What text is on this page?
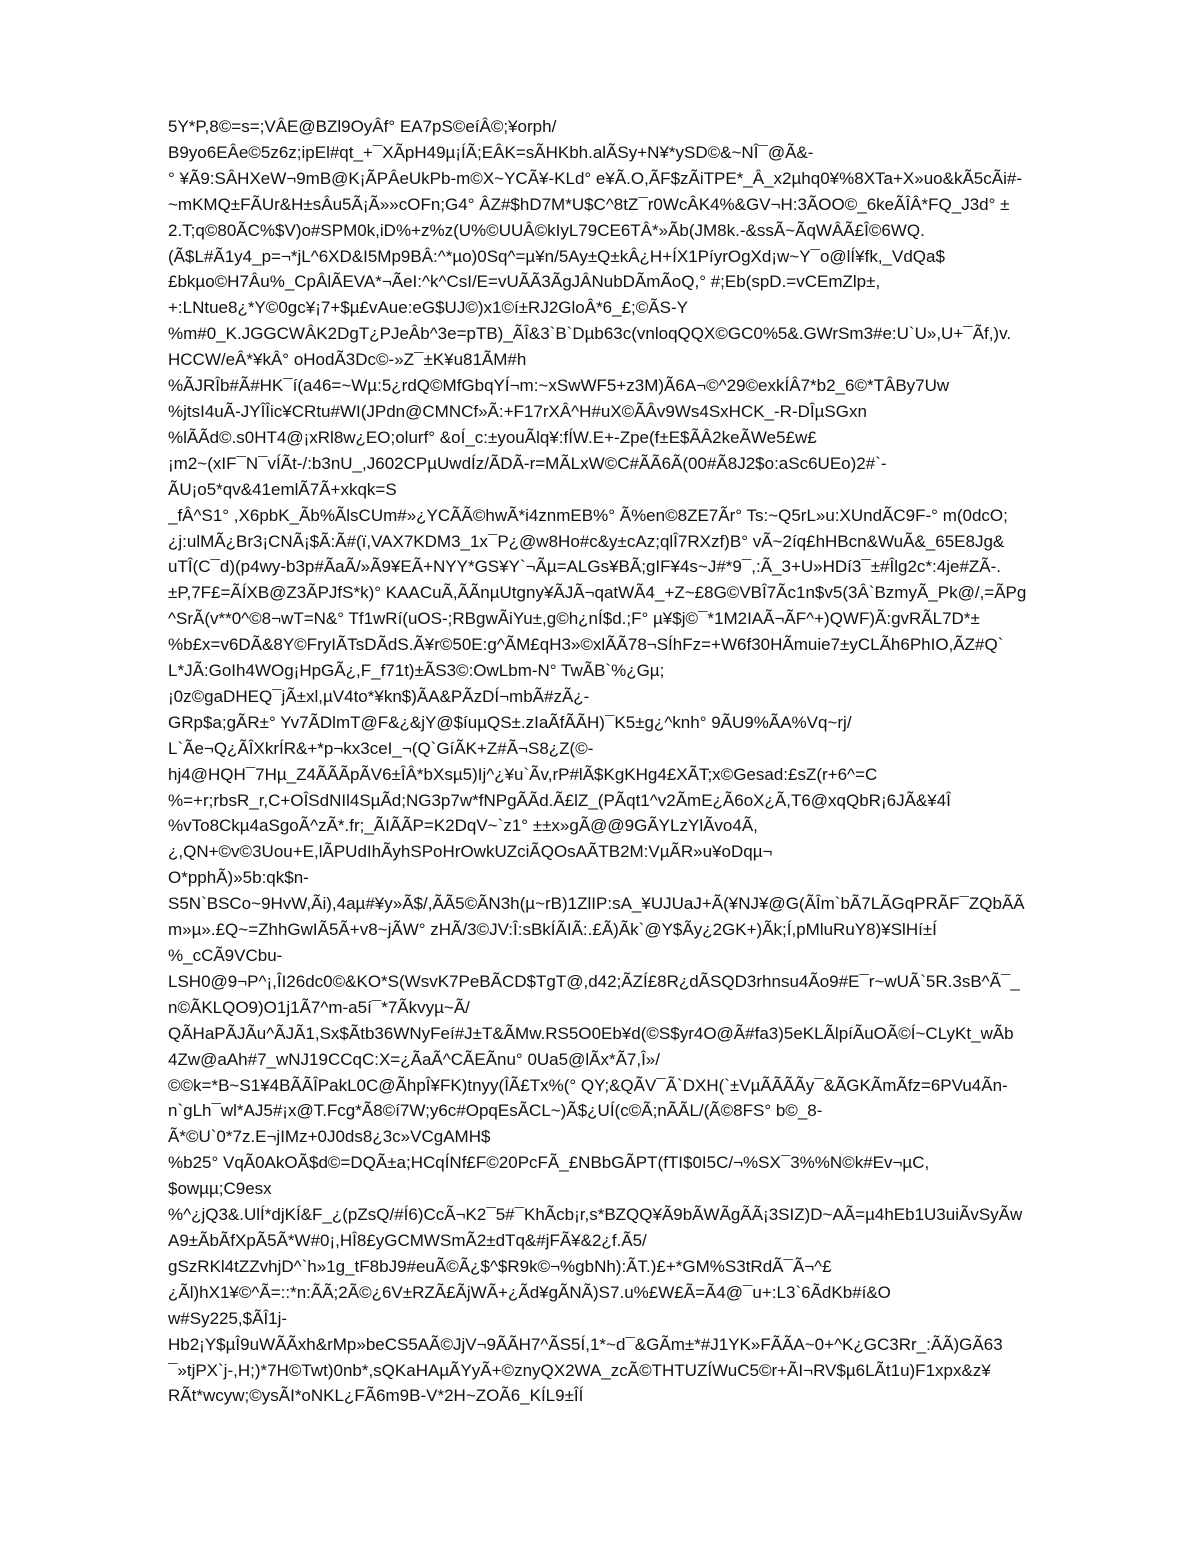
5Y*P,8©=s=;VÂE@BZl9OyÂf° EA7pS©eíÂ©;¥orph/
B9yo6EÂe©5z6z;ipEl#qt_+¯XÃpH49µ¡ÍÃ;EÂK=sÃHKbh.alÃSy+N¥*ySD©&~NÎ¯@Ã&-
° ¥Ã9:SÂHXeW¬9mB@K¡ÃPÂeUkPb-m©X~YCÃ¥-KLd° e¥Ã.O,ÃF$zÃiTPE*_Â_x2µhq0¥%8XTa+X»uo&kÃ5cÃi#-
~mKMQ±FÃUr&H±sÂu5Ã¡Ã»»cOFn;G4° ÂZ#$hD7M*U$C^8tZ¯r0WcÂK4%&GV¬H:3ÃOO©_6keÃÎÂ*FQ_J3d° ±
2.T;q©80ÃC%$V)o#SPM0k,iD%+z%z(U%©UUÂ©kIyL79CE6TÂ*»Ãb(JM8k.-&ssÃ~ÃqWÂÃ£Î©6WQ.
(Ã$L#Ã1y4_p=¬*jL^6XD&I5Mp9BÂ:^*µo)0Sq^=µ¥n/5Ay±Q±kÂ¿H+ÍX1PíyrOgXd¡w~Y¯o@lÍ¥fk,_VdQa$
£bkµo©H7Âu%_CpÂlÃEVA*¬ÃeI:^k^CsI/E=vUÃÃ3ÃgJÂNubDÃmÃoQ,° #;Eb(spD.=vCEmZlp±,
+:LNtue8¿*Y©0gc¥¡7+$µ£vAue:eG$UJ©)x1©í±RJ2GloÂ*6_£;©ÃS-Y
%m#0_K.JGGCWÂK2DgT¿PJeÂb^3e=pTB)_ÃÎ&3`B`Dµb63c(vnloqQQX©GC0%5&.GWrSm3#e:U`U»,U+¯Ãf,)v.
HCCW/eÂ*¥kÂ° oHodÃ3Dc©-»Z¯±K¥u81ÃM#h
%ÃJRÎb#Ã#HK¯í(a46=~Wµ:5¿rdQ©MfGbqYÍ¬m:~xSwWF5+z3M)Ã6A¬©^29©exkÍÂ7*b2_6©*TÂBy7Uw
%jtsI4uÃ-JYÎÎic¥CRtu#WI(JPdn@CMNCf»Ã:+F17rXÂ^H#uX©ÃÂv9Ws4SxHCK_-R-DÎµSGxn
%lÃÃd©.s0HT4@¡xRl8w¿EO;olurf° &oÍ_c:±youÃlq¥:fÍW.E+-Zpe(f±E$ÃÂ2keÃWe5£w£
¡m2~(xIF¯N¯vÍÃt-/:b3nU_,J602CPµUwdÍz/ÃDÃ-r=MÃLxW©C#ÃÃ6Ã(00#Ã8J2$o:aSc6UEo)2#`-
ÃU¡o5*qv&41emlÃ7Ã+xkqk=S
_fÂ^S1° ,X6pbK_Ãb%ÃlsCUm#»¿YCÃÃ©hwÃ*i4znmEB%° Ã%en©8ZE7Ãr° Ts:~Q5rL»u:XUndÃC9F-° m(0dcO;
¿j:ulMÃ¿Br3¡CNÃ¡$Ã:Ã#(ï,VAX7KDM3_1x¯P¿@w8Ho#c&y±cAz;qlÎ7RXzf)B° vÃ~2íq£hHBcn&WuÃ&_65E8Jg&
uTÎ(C¯d)(p4wy-b3p#ÃaÃ/»Ã9¥EÃ+NYY*GS¥Y`¬Ãµ=ALGs¥BÃ;gIF¥4s~J#*9¯,:Ã_3+U»HDí3¯±#Îlg2c*:4je#ZÃ-.
±P,7F£=ÃÍXB@Z3ÃPJfS*k)° KAACuÃ,ÃÃnµUtgny¥ÃJÃ¬qatWÃ4_+Z~£8G©VBÎ7Ãc1n$v5(3Â`BzmyÃ_Pk@/,=ÃPg
^SrÃ(v**0^©8¬wT=N&° Tf1wRí(uOS-;RBgwÃiYu±,g©h¿nÍ$d.;F° µ¥$j©¯*1M2IAÃ¬ÃF^+)QWF)Ã:gvRÃL7D*±
%b£x=v6DÃ&8Y©FryIÃTsDÃdS.Ã¥r©50E:g^ÃM£qH3»©xlÃÃ78¬SÍhFz=+W6f30HÃmuie7±yCLÃh6PhIO,ÃZ#Q`
L*JÃ:GoIh4WOg¡HpGÃ¿,F_f71t)±ÃS3©:OwLbm-N° TwÃB`%¿Gµ;
¡0z©gaDHEQ¯jÃ±xl,µV4to*¥kn$)ÃA&PÃzDÍ¬mbÃ#zÃ¿-
GRp$a;gÃR±° Yv7ÃDlmT@F&¿&jY@$íuµQS±.zIaÃfÃÃH)¯K5±g¿^knh° 9ÃU9%ÃA%Vq~rj/
L`Ãe¬Q¿ÃÎXkrÍR&+*p¬kx3ceI_¬(Q`GíÃK+Z#Ã¬S8¿Z(©-
hj4@HQH¯7Hµ_Z4ÃÃÃpÃV6±ÎÂ*bXsµ5)Ij^¿¥u`Ãv,rP#lÃ$KgKHg4£XÃT;x©Gesad:£sZ(r+6^=C
%=+r;rbsR_r,C+OÎSdNIl4SµÃd;NG3p7w*fNPgÃÃd.Ã£lZ_(PÃqt1^v2ÃmE¿Ã6oX¿Ã,T6@xqQbR¡6JÃ&¥4Î
%vTo8Ckµ4aSgoÃ^zÃ*.fr;_ÃIÃÃP=K2DqV~`z1° ±±x»gÃ@@9GÃYLzYlÃvo4Ã,
¿,QN+©v©3Uou+E,lÃPUdIhÃyhSPoHrOwkUZciÃQOsAÃTB2M:VµÃR»u¥oDqµ¬
O*pphÃ)»5b:qk$n-
S5N`BSCo~9HvW,Ãi),4aµ#¥y»Ã$/,ÃÃ5©ÃN3h(µ~rB)1ZlIP:sA_¥UJUaJ+Ã(¥NJ¥@G(ÃÎm`bÃ7LÃGqPRÃF¯ZQbÃÃ
m»µ».£Q~=ZhhGwIÃ5Ã+v8~jÃW° zHÃ/3©JV:Î:sBkÍÃIÃ:.£Ã)Ãk`@Y$Ãy¿2GK+)Ãk;Í,pMluRuY8)¥SlHí±Í
%_cCÃ9VCbu-
LSH0@9¬P^¡,ÎI26dc0©&KO*S(WsvK7PeBÃCD$TgT@,d42;ÃZÍ£8R¿dÃSQD3rhnsu4Ão9#E¯r~wUÃ`5R.3sB^Ã¯_
n©ÃKLQO9)O1j1Ã7^m-a5í¯*7Ãkvyµ~Ã/
QÃHaPÃJÃu^ÃJÃ1,Sx$Ãtb36WNyFeí#J±T&ÃMw.RS5O0Eb¥d(©S$yr4O@Ã#fa3)5eKLÃlpíÃuOÃ©Í~CLyKt_wÃb
4Zw@aAh#7_wNJ19CCqC:X=¿ÃaÃ^CÃEÃnu° 0Ua5@lÃx*Ã7,Î»/
©©k=*B~S1¥4BÃÃÎPakL0C@ÃhpÎ¥FK)tnyy(ÎÃ£Tx%(° QY;&QÃV¯Ã`DXH(`±VµÃÃÃÃy¯&ÃGKÃmÃfz=6PVu4Ãn-
n`gLh¯wl*AJ5#¡x@T.Fcg*Ã8©í7W;y6c#OpqEsÃCL~)Ã$¿UÍ(c©Ã;nÃÃL/(Ã©8FS° b©_8-
Ã*©U`0*7z.E¬jIMz+0J0ds8¿3c»VCgAMH$
%b25° VqÃ0AkOÃ$d©=DQÃ±a;HCqÍNf£F©20PcFÃ_£NBbGÃPT(fTI$0I5C/¬%SX¯3%%N©k#Ev¬µC,
$owµµ;C9esx
%^¿jQ3&.UlÍ*djKÍ&F_¿(pZsQ/#Í6)CcÃ¬K2¯5#¯KhÃcb¡r,s*BZQQ¥Ã9bÃWÃgÃÃ¡3SIZ)D~AÃ=µ4hEb1U3uiÃvSyÃw
A9±ÃbÃfXpÃ5Ã*W#0¡,HÎ8£yGCMWSmÃ2±dTq&#jFÃ¥&2¿f.Ã5/
gSzRKl4tZZvhjD^`h»1g_tF8bJ9#euÃ©Ã¿$^$R9k©¬%gbNh):ÃT.)£+*GM%S3tRdÃ¯Ã¬^£
¿Ãl)hX1¥©^Ã=::*n:ÃÃ;2Ã©¿6V±RZÃ£ÃjWÃ+¿Ãd¥gÃNÃ)S7.u%£W£Ã=Ã4@¯u+:L3`6ÃdKb#í&O
w#Sy225,$ÃÎ1j-
Hb2¡Y$µÎ9uWÃÃxh&rMp»beCS5AÃ©JjV¬9ÃÃH7^ÃS5Í,1*~d¯&GÃm±*#J1YK»FÃÃA~0+^K¿GC3Rr_:ÃÃ)GÃ63
¯»tjPX`j-,H;)*7H©Twt)0nb*,sQKaHAµÃYyÃ+©znyQX2WA_zcÃ©THTUZÍWuC5©r+ÃI¬RV$µ6LÃt1u)F1xpx&z¥
RÃt*wcyw;©ysÃI*oNKL¿FÃ6m9B-V*2H~ZOÃ6_KÍL9±ÎÍ
